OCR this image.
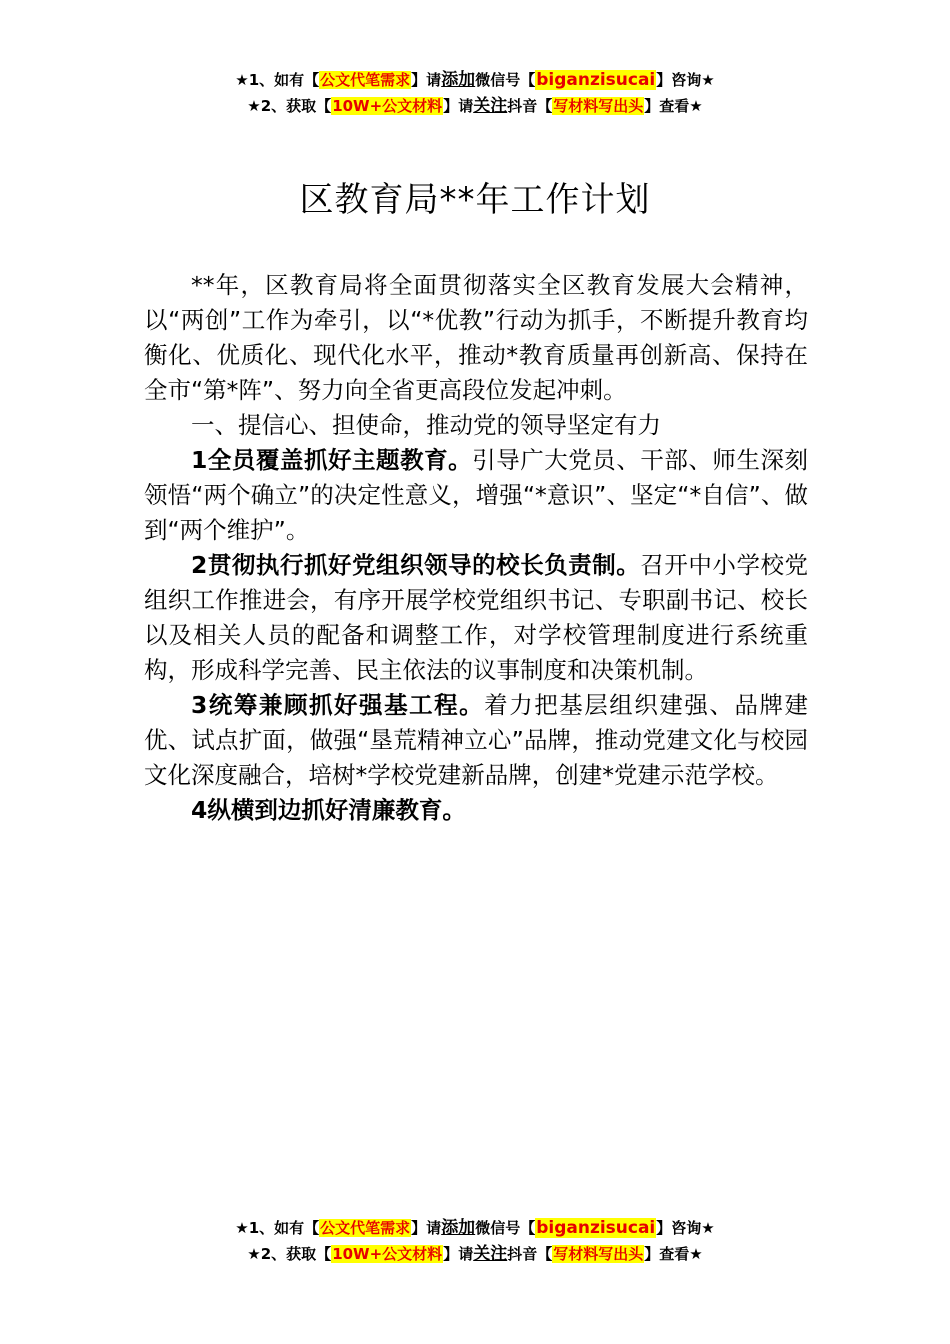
★1、如有【公文代笔需求】请添加微信号【biganzisucai】咨询★
★2、获取【10W+公文材料】请关注抖音【写材料写出头】查看★
区教育局**年工作计划

**年，区教育局将全面贯彻落实全区教育发展大会精神，以“两创”工作为牵引，以“*优教”行动为抓手，不断提升教育均衡化、优质化、现代化水平，推动*教育质量再创新高、保持在全市“第*阵”、努力向全省更高段位发起冲刺。

一、提信心、担使命，推动党的领导坚定有力

1全员覆盖抓好主题教育。引导广大党员、干部、师生深刻领悟“两个确立”的决定性意义，增强“*意识”、坚定“*自信”、做到“两个维护”。

2贯彻执行抓好党组织领导的校长负责制。召开中小学校党组织工作推进会，有序开展学校党组织书记、专职副书记、校长以及相关人员的配备和调整工作，对学校管理制度进行系统重构，形成科学完善、民主依法的议事制度和决策机制。

3统筹兼顾抓好强基工程。着力把基层组织建强、品牌建优、试点扩面，做强“垦荒精神立心”品牌，推动党建文化与校园文化深度融合，培树*学校党建新品牌，创建*党建示范学校。

4纵横到边抓好清廉教育。

★1、如有【公文代笔需求】请添加微信号【biganzisucai】咨询★
★2、获取【10W+公文材料】请关注抖音【写材料写出头】查看★
